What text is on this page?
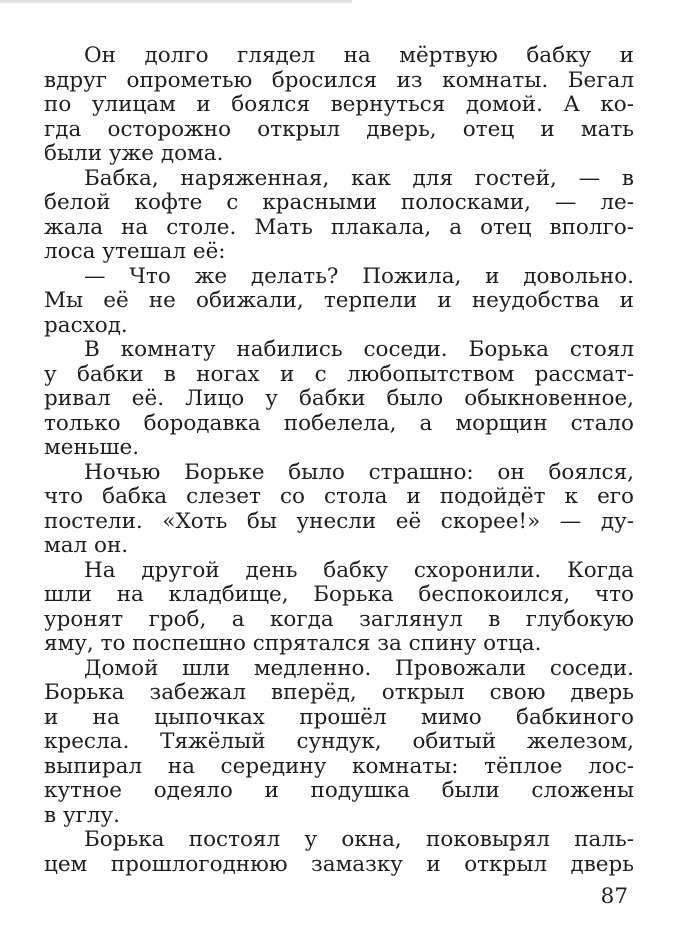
Он долго глядел на мёртвую бабку и
вдруг опрометью бросился из комнаты. Бегал
по улицам и боялся вернуться домой. А ко-
гда осторожно открыл дверь, отец и мать
были уже дома.

Бабка, наряженная, как для гостей, — в
белой кофте с красными полосками, — ле-
жала на столе. Мать плакала, а отец вполго-
лоса утешал её:

— Что же делать? Пожила, и довольно.
Мы её не обижали, терпели и неудобства и
расход.

В комнату набились соседи. Борька стоял
у бабки в ногах и с любопытством рассмат-
ривал её. Лицо у бабки было обыкновенное,
только бородавка побелела, а морщин стало
меньше.

Ночью Борьке было страшно: он боялся,
что бабка слезет со стола и подойдёт к его
постели. «Хоть бы унесли её скорее!» — ду-
мал он.

На другой день бабку схоронили. Когда
шли на кладбище, Борька беспокоился, что
уронят гроб, а когда заглянул в глубокую
яму, то поспешно спрятался за спину отца.

Домой шли медленно. Провожали соседи.
Борька забежал вперёд, открыл свою дверь
и на цыпочках прошёл мимо бабкиного
кресла. Тяжёлый сундук, обитый железом,
выпирал на середину комнаты: тёплое лос-
кутное одеяло и подушка были сложены
в углу.

Борька постоял у окна, поковырял паль-
цем прошлогоднюю замазку и открыл дверь

87
